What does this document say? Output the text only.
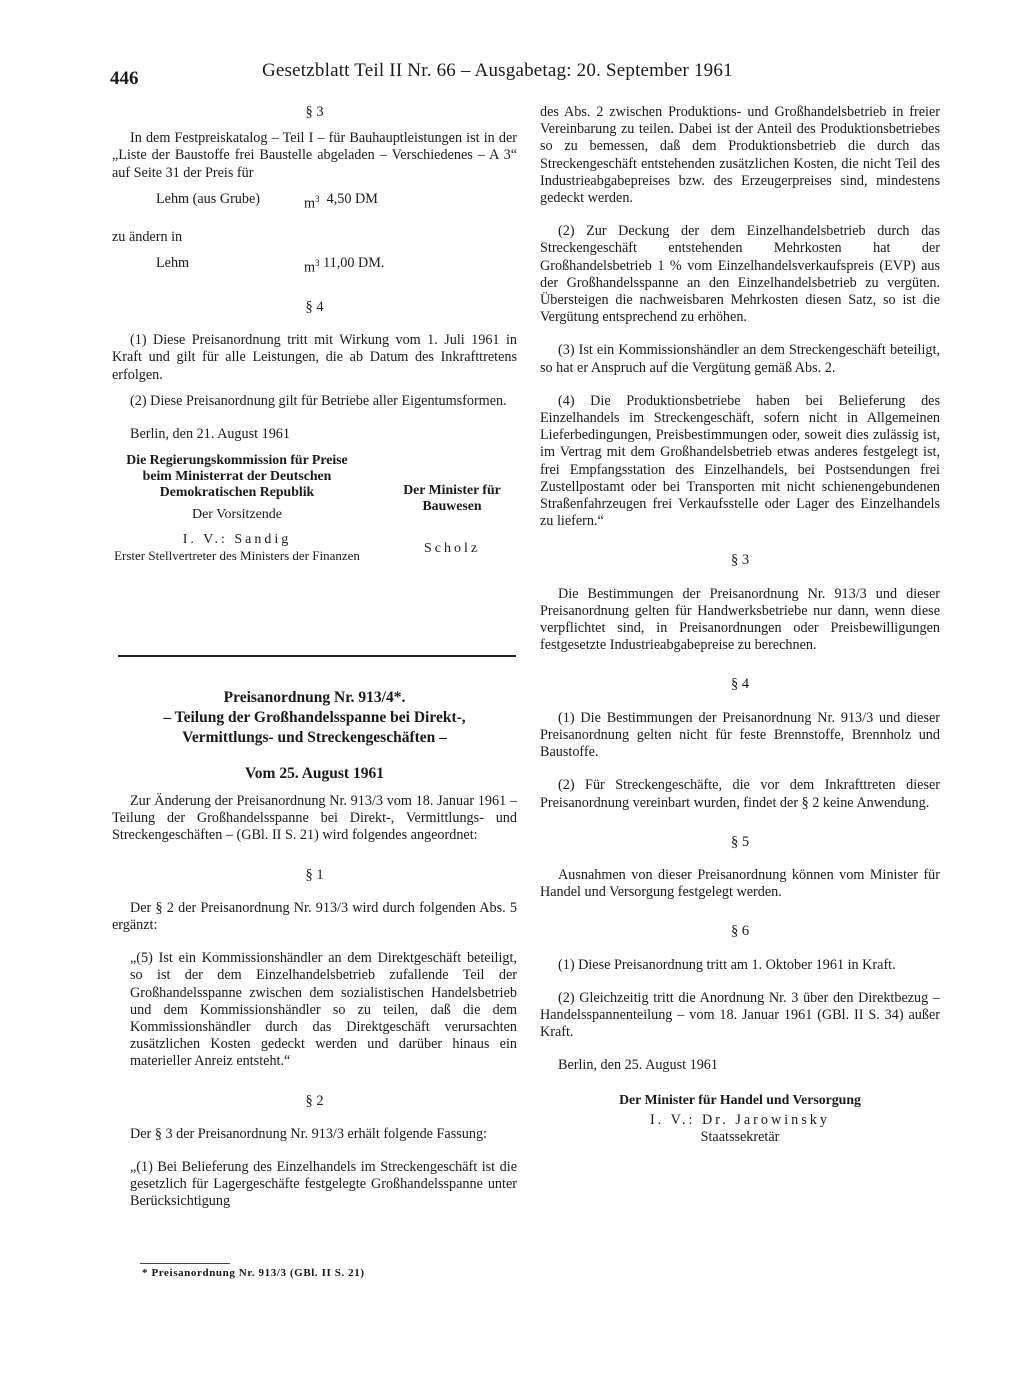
446	Gesetzblatt Teil II Nr. 66 – Ausgabetag: 20. September 1961

§ 3

In dem Festpreiskatalog – Teil I – für Bauhauptleistungen ist in der „Liste der Baustoffe frei Baustelle abgeladen – Verschiedenes – A 3“ auf Seite 31 der Preis für

Lehm (aus Grube)	$m^3$ 4,50 DM

zu ändern in

Lehm	$m^3$ 11,00 DM.

§ 4

(1) Diese Preisanordnung tritt mit Wirkung vom 1. Juli 1961 in Kraft und gilt für alle Leistungen, die ab Datum des Inkrafttretens erfolgen.

(2) Diese Preisanordnung gilt für Betriebe aller Eigentumsformen.

Berlin, den 21. August 1961

Die Regierungskommission für Preise beim Ministerrat der Deutschen Demokratischen Republik
Der Vorsitzende
I. V.: Sandig
Erster Stellvertreter des Ministers der Finanzen
Der Minister für Bauwesen
Scholz

Preisanordnung Nr. 913/4*.

– Teilung der Großhandelsspanne bei Direkt-, Vermittlungs- und Streckengeschäften –

Vom 25. August 1961

Zur Änderung der Preisanordnung Nr. 913/3 vom 18. Januar 1961 – Teilung der Großhandelsspanne bei Direkt-, Vermittlungs- und Streckengeschäften – (GBl. II S. 21) wird folgendes angeordnet:

§ 1

Der § 2 der Preisanordnung Nr. 913/3 wird durch folgenden Abs. 5 ergänzt:

„(5) Ist ein Kommissionshändler an dem Direktgeschäft beteiligt, so ist der dem Einzelhandelsbetrieb zufallende Teil der Großhandelsspanne zwischen dem sozialistischen Handelsbetrieb und dem Kommissionshändler so zu teilen, daß die dem Kommissionshändler durch das Direktgeschäft verursachten zusätzlichen Kosten gedeckt werden und darüber hinaus ein materieller Anreiz entsteht.“

§ 2

Der § 3 der Preisanordnung Nr. 913/3 erhält folgende Fassung:

„(1) Bei Belieferung des Einzelhandels im Streckengeschäft ist die gesetzlich für Lagergeschäfte festgelegte Großhandelsspanne unter Berücksichtigung

* Preisanordnung Nr. 913/3 (GBl. II S. 21)

des Abs. 2 zwischen Produktions- und Großhandelsbetrieb in freier Vereinbarung zu teilen. Dabei ist der Anteil des Produktionsbetriebes so zu bemessen, daß dem Produktionsbetrieb die durch das Streckengeschäft entstehenden zusätzlichen Kosten, die nicht Teil des Industrieabgabepreises bzw. des Erzeugerpreises sind, mindestens gedeckt werden.

(2) Zur Deckung der dem Einzelhandelsbetrieb durch das Streckengeschäft entstehenden Mehrkosten hat der Großhandelsbetrieb 1 % vom Einzelhandelsverkaufspreis (EVP) aus der Großhandelsspanne an den Einzelhandelsbetrieb zu vergüten. Übersteigen die nachweisbaren Mehrkosten diesen Satz, so ist die Vergütung entsprechend zu erhöhen.

(3) Ist ein Kommissionshändler an dem Streckengeschäft beteiligt, so hat er Anspruch auf die Vergütung gemäß Abs. 2.

(4) Die Produktionsbetriebe haben bei Belieferung des Einzelhandels im Streckengeschäft, sofern nicht in Allgemeinen Lieferbedingungen, Preisbestimmungen oder, soweit dies zulässig ist, im Vertrag mit dem Großhandelsbetrieb etwas anderes festgelegt ist, frei Empfangsstation des Einzelhandels, bei Postsendungen frei Zustellpostamt oder bei Transporten mit nicht schienengebundenen Straßenfahrzeugen frei Verkaufsstelle oder Lager des Einzelhandels zu liefern.“

§ 3

Die Bestimmungen der Preisanordnung Nr. 913/3 und dieser Preisanordnung gelten für Handwerksbetriebe nur dann, wenn diese verpflichtet sind, in Preisanordnungen oder Preisbewilligungen festgesetzte Industrieabgabepreise zu berechnen.

§ 4

(1) Die Bestimmungen der Preisanordnung Nr. 913/3 und dieser Preisanordnung gelten nicht für feste Brennstoffe, Brennholz und Baustoffe.

(2) Für Streckengeschäfte, die vor dem Inkrafttreten dieser Preisanordnung vereinbart wurden, findet der § 2 keine Anwendung.

§ 5

Ausnahmen von dieser Preisanordnung können vom Minister für Handel und Versorgung festgelegt werden.

§ 6

(1) Diese Preisanordnung tritt am 1. Oktober 1961 in Kraft.

(2) Gleichzeitig tritt die Anordnung Nr. 3 über den Direktbezug – Handelsspannenteilung – vom 18. Januar 1961 (GBl. II S. 34) außer Kraft.

Berlin, den 25. August 1961

Der Minister für Handel und Versorgung

I. V.: Dr. Jarowinsky

Staatssekretär
